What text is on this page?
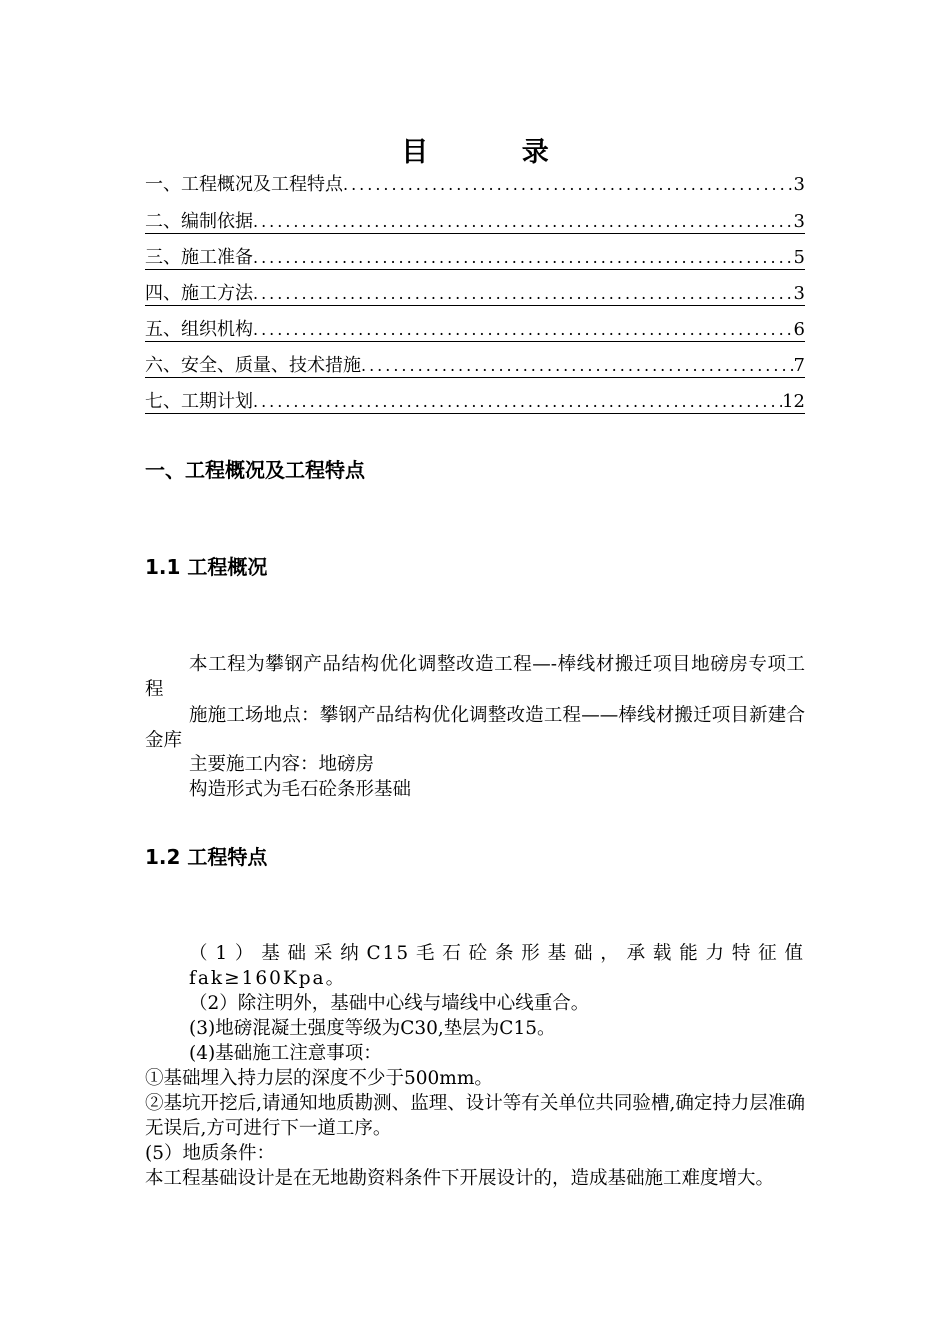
目 录
一、工程概况及工程特点 .....	3
二、编制依据 .....	3
三、施工准备 .....	5
四、施工方法 .....	3
五、组织机构 .....	6
六、安全、质量、技术措施 .....	7
七、工期计划 .....	12
一、工程概况及工程特点
1.1 工程概况

本工程为攀钢产品结构优化调整改造工程—-棒线材搬迁项目地磅房专项工程

施施工场地点：攀钢产品结构优化调整改造工程——棒线材搬迁项目新建合金库

主要施工内容：地磅房

构造形式为毛石砼条形基础

1.2 工程特点

（1）基础采纳C15毛石砼条形基础，承载能力特征值fak≥160Kpa。

（2）除注明外，基础中心线与墙线中心线重合。

(3)地磅混凝土强度等级为C30,垫层为C15。

(4)基础施工注意事项：

①基础埋入持力层的深度不少于500mm。

②基坑开挖后,请通知地质勘测、监理、设计等有关单位共同验槽,确定持力层准确无误后,方可进行下一道工序。

(5）地质条件：

本工程基础设计是在无地勘资料条件下开展设计的，造成基础施工难度增大。
